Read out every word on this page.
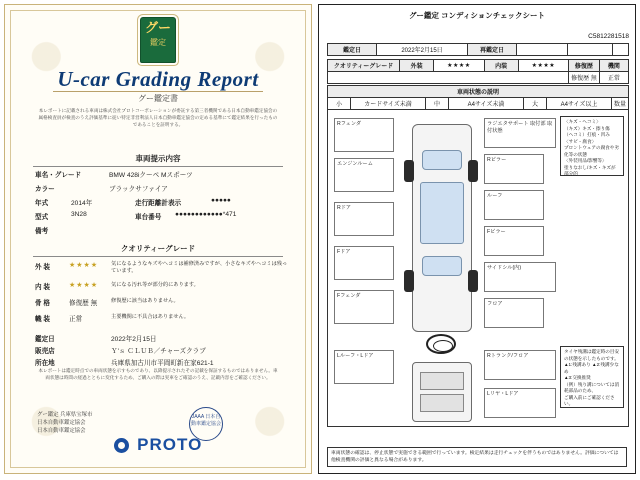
グー
鑑定
U-car Grading Report
グー鑑定書
本レポートに記載される車両は株式会社プロトコーポレーションが委託する第三者機関である日本自動車鑑定協会の属格検査員が検査のうえ評価基準に従い特定非営利法人日本自動車鑑定協会の定める基準にて鑑定結果を行ったものであることを証明する。
車両提示内容
車名・グレード	BMW 428iクーペ Mスポーツ
カラー	ブラックサファイア
年式	2014年	走行距離計表示	●●●●●
型式	3N28	車台番号 ●●●●●●●●●●●●*471
備考
クオリティーグレード
外 装	★★★★ 気になるようなキズやへコミは補修済みですが、小さなキズやヘコミは残っています。
内 装	★★★★ 気になる汚れ等が部分的にあります。
骨 格	修復歴 無	修復歴に該当はありません。
幟 装	正常	主要機関に不具合はありません。
鑑定日	2022年2月15日
販売店	Ｙ'ｓ ＣＬＵＢ／チャーズクラブ
所在地	兵庫県加古川市平岡町新在家621-1
本レポートは鑑定時点での車両状態を示すものであり、以降提示されたその記載を保証するものではありません。車両状態は時間の経過とともに変化するため、ご購入の際は実車をご確認のうえ、記載内容をご確認ください。
グー鑑定 兵庫県宝塚市
日本自動車鑑定協会
日本自動車鑑定協会
JAAA 日本自動車鑑定協会
PROTO
グー鑑定 コンディションチェックシート
C5812281518
鑑定日	2022年2月15日	再鑑定日			
クオリティーグレード	外装	★★★★	内装	★★★★	修復歴	機関
					修復歴 無	正常
車両状態の説明
小	カードサイズ未満	中	A4サイズ未満	大	A4サイズ以上	数量
Rフェンダ
エンジンルーム
Rドア
Fドア
Fフェンダ
Lルーフ・Lドア
ラジエタサポート 取付部 取付状態
Rピラー
ルーフ
Fピラー
サイドシル(内)
フロア
Rトランク/フロア
Lリヤ・Lドア
〈キズ・ヘコミ〉
（キズ）キズ・擦り傷
（ヘコミ）打痕・凹み
〈サビ・腐食〉
プロントウェアの腐食や劣化等の状態
〈外装用品/影響等〉
塗りなおし/キズ・キズが部分的
タイヤ残溝は鑑定時の目安の状態を示したものです。
▲1:残溝あり ▲2:残溝少なめ
▲3:交換推奨
（例）残り溝については消耗部品のため、
ご購入前にご確認ください。
車両状態の確認は、停止状態で実施できる範囲で行っています。検定結果は走行チェックを伴うものではありません。評価については他検査機関の評価と異なる場合があります。
